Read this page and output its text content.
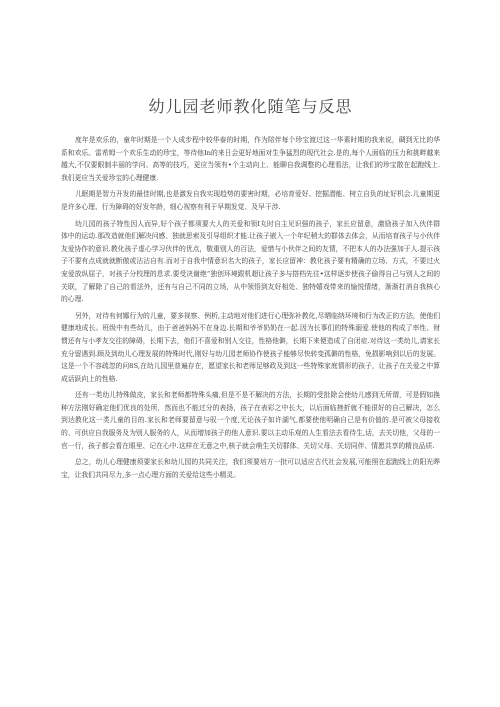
幼儿园老师教化随笔与反思

度年是欢乐的，童年时期是一个人成步程中较华泰的时期，作为陪伴每个珍宝渡过这一华素时期的我来说，碉到无比的华系和欢乐。雷希姆一个欢乐生动的珍宝，等待他In的来日会更好地面对生争猛烈的现代社会.是的,每个人面临的压力和挑畔越来越大,不仅要眼制丰丽的学问、高等的技巧，更应当领有•个主动向上、能聊自我调整的心理看法，让我们的珍宝散在起跑线上.我们更应当关爱珍宝的心理健康.

儿眠期是智力开发的最佳时期,也是激发自我实现趋势的要害时期，必培育爱好、挖掘潜能、树立自负的址好机会.儿童期更是许多心理、行为障碍的好发年龄，细心视察有利于早期发觉、及早干涉.

幼儿园的孩子特性因人而异,好个孩子都须要大人的关爱和领I丸时自主见识强的孩子，家长应留意，激励孩子加入伙伴群体中的运动.那改造就他们解决问感、独就思索及引导组织才能.让孩子嵌入一个年纪稍大的群体去体会，从而培育孩子与小伙伴友爱协作的意识.教化孩子虚心学习伙伴的优点，敬重别人的百法，爱惜与小伙伴之间的友情，不把本人的办法强加于人.提示孩子不要有点成就就断傲或沾沾自有.而对于自我中情意识名大的孩子，家长应留神：教化孩子要有精确的立场、方式，不要过火宠爱放纵屈子，对孩子分校理的息求.要受决谢绝“独创环境跟机超让孩子多与搭档先往•这样逐步使孩子偷得自己与别人之间的关联，了解除了自己的看法外，还有与自己不同的立场，从中领悟到友好相处、独特嬉戏带来的愉悦情绪，渐渐打消自我核心的心理.

另外，对待有何娜行为的儿童，要多视察、例析,主动地对他们进行心理弥补教化,尽晒临纳环境和行为改正的方法，使他们健康地成长。班级中有些幼儿，由于爸爸妈妈不在身边.长期和爷爷奶奶在一起.因为长事们的特殊溺爱.使他的构成了率性、财惯还有与小孝友交往的障碍，长期下去，他们不喜爱和别人交往，性格他僻，长期下来便造成了自闭症.对待这一类幼儿,请家长充分留遇到.顾及到幼儿心理发展的特殊时代,刚好与幼儿园老师协作使孩子能够尽快转变孤僻的性格，免损影响到以后的发展。这是一个不容疏忽的问8S,在幼儿园里普遍存在，愿望家长和老师足够政及到这一些特殊家庭情形的孩子，让孩子在关爱之中算成话跃向上的性格.

还有一类幼儿特殊做皮，家长和老师都特殊头痛,但是不是不解决的方法，长期的受批除会使幼儿感到无所谓，可是假如换种方法刚好确定他们优良的处所，然而也不能过分的表扬，孩子在表彩之中长大，以后面临挫折就不能很好的自己解决，怎么到达教化这一类儿童的目的.家长和老师要留意与驭一个度,无论孩子如许湖气,都要使他明确自己是有价值的.是可被父母接收的、可供应自我服务及为别人服务的人，从而增加孩子的他人意识.要以主动乐观的人生看法去看待生,话，去关切他，父母的一官一行，孩子都会看在眼里、记在心中.这样在无意之中,核子就会萌生关切群体、关切父母、关切同伴、情愿共享的精良品质.

总之，幼儿心理健康须要家长和幼儿园的共同关注，我们须要培方一批可以适应古代社会发展,可能照在起跑线上的阳光晔宝，让我们共同尽力,多一点心理方面的关爱给这些小精灵。
